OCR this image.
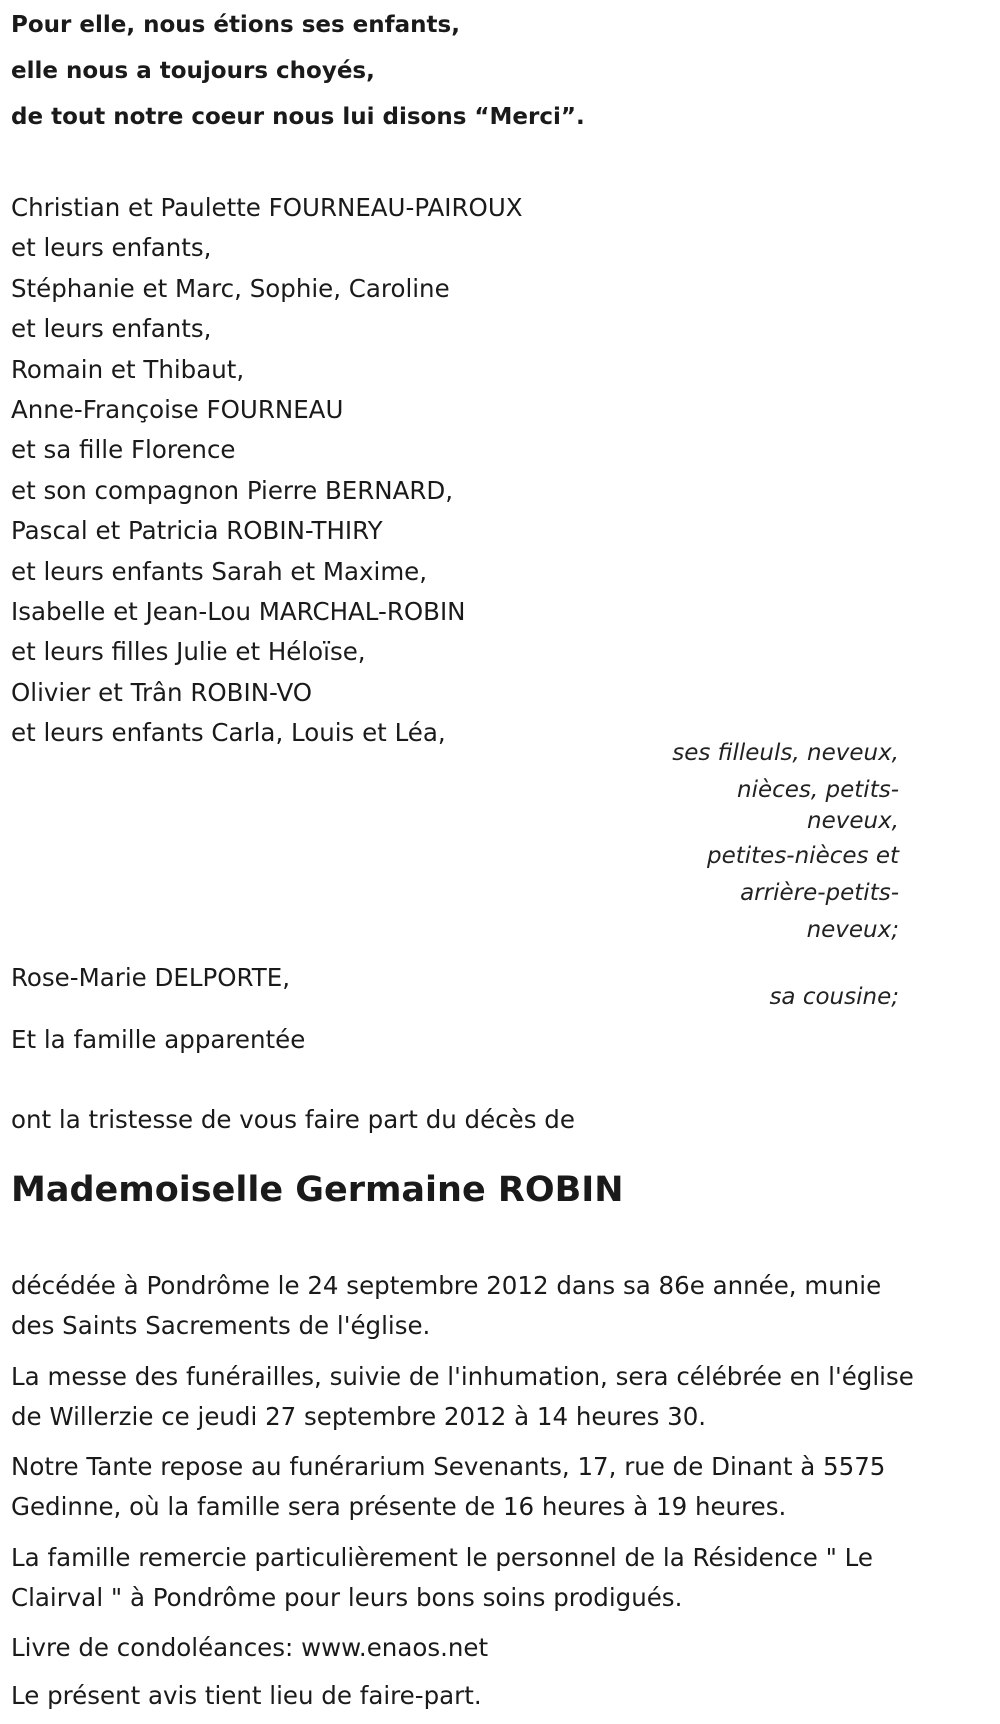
Pour elle, nous étions ses enfants,

elle nous a toujours choyés,

de tout notre coeur nous lui disons “Merci”.

Christian et Paulette FOURNEAU-PAIROUX
et leurs enfants,
Stéphanie et Marc, Sophie, Caroline
et leurs enfants,
Romain et Thibaut,
Anne-Françoise FOURNEAU
et sa fille Florence
et son compagnon Pierre BERNARD,
Pascal et Patricia ROBIN-THIRY
et leurs enfants Sarah et Maxime,
Isabelle et Jean-Lou MARCHAL-ROBIN
et leurs filles Julie et Héloïse,
Olivier et Trân ROBIN-VO
et leurs enfants Carla, Louis et Léa,
ses filleuls, neveux,
nièces, petits-
neveux,
petites-nièces et
arrière-petits-
neveux;

Rose-Marie DELPORTE,

sa cousine;

Et la famille apparentée

ont la tristesse de vous faire part du décès de

Mademoiselle Germaine ROBIN

décédée à Pondrôme le 24 septembre 2012 dans sa 86e année, munie
des Saints Sacrements de l'église.

La messe des funérailles, suivie de l'inhumation, sera célébrée en l'église
de Willerzie ce jeudi 27 septembre 2012 à 14 heures 30.

Notre Tante repose au funérarium Sevenants, 17, rue de Dinant à 5575
Gedinne, où la famille sera présente de 16 heures à 19 heures.

La famille remercie particulièrement le personnel de la Résidence " Le
Clairval " à Pondrôme pour leurs bons soins prodigués.

Livre de condoléances: www.enaos.net

Le présent avis tient lieu de faire-part.
